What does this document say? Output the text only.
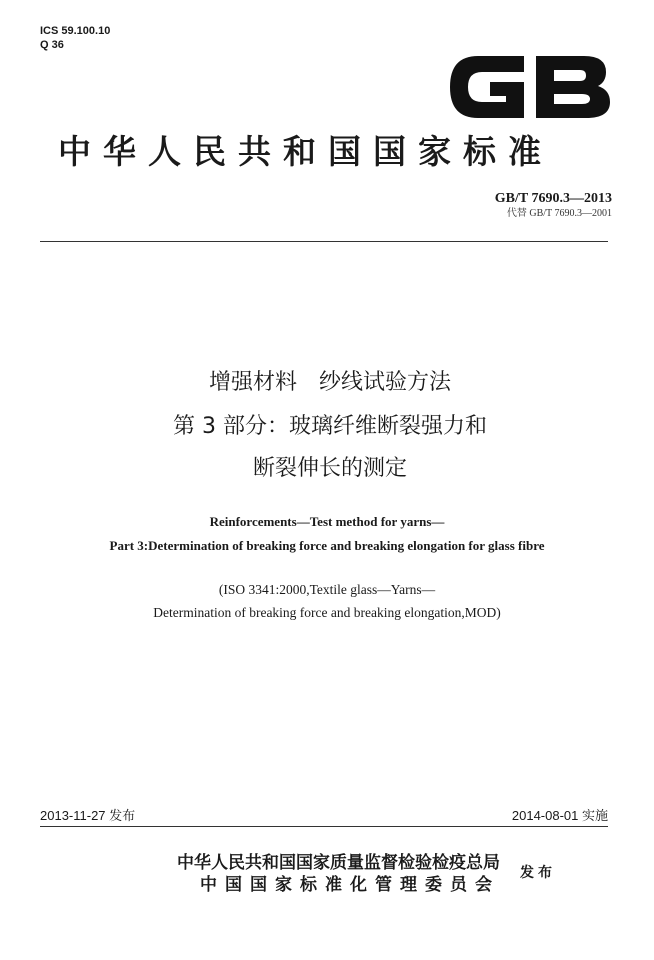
ICS 59.100.10
Q 36
中华人民共和国国家标准
GB/T 7690.3—2013
代替 GB/T 7690.3—2001
增强材料　纱线试验方法
第 3 部分：玻璃纤维断裂强力和
断裂伸长的测定
Reinforcements—Test method for yarns—
Part 3:Determination of breaking force and breaking elongation for glass fibre
(ISO 3341:2000,Textile glass—Yarns—
Determination of breaking force and breaking elongation,MOD)
2013-11-27 发布	2014-08-01 实施
中华人民共和国国家质量监督检验检疫总局
中国国家标准化管理委员会
发布
